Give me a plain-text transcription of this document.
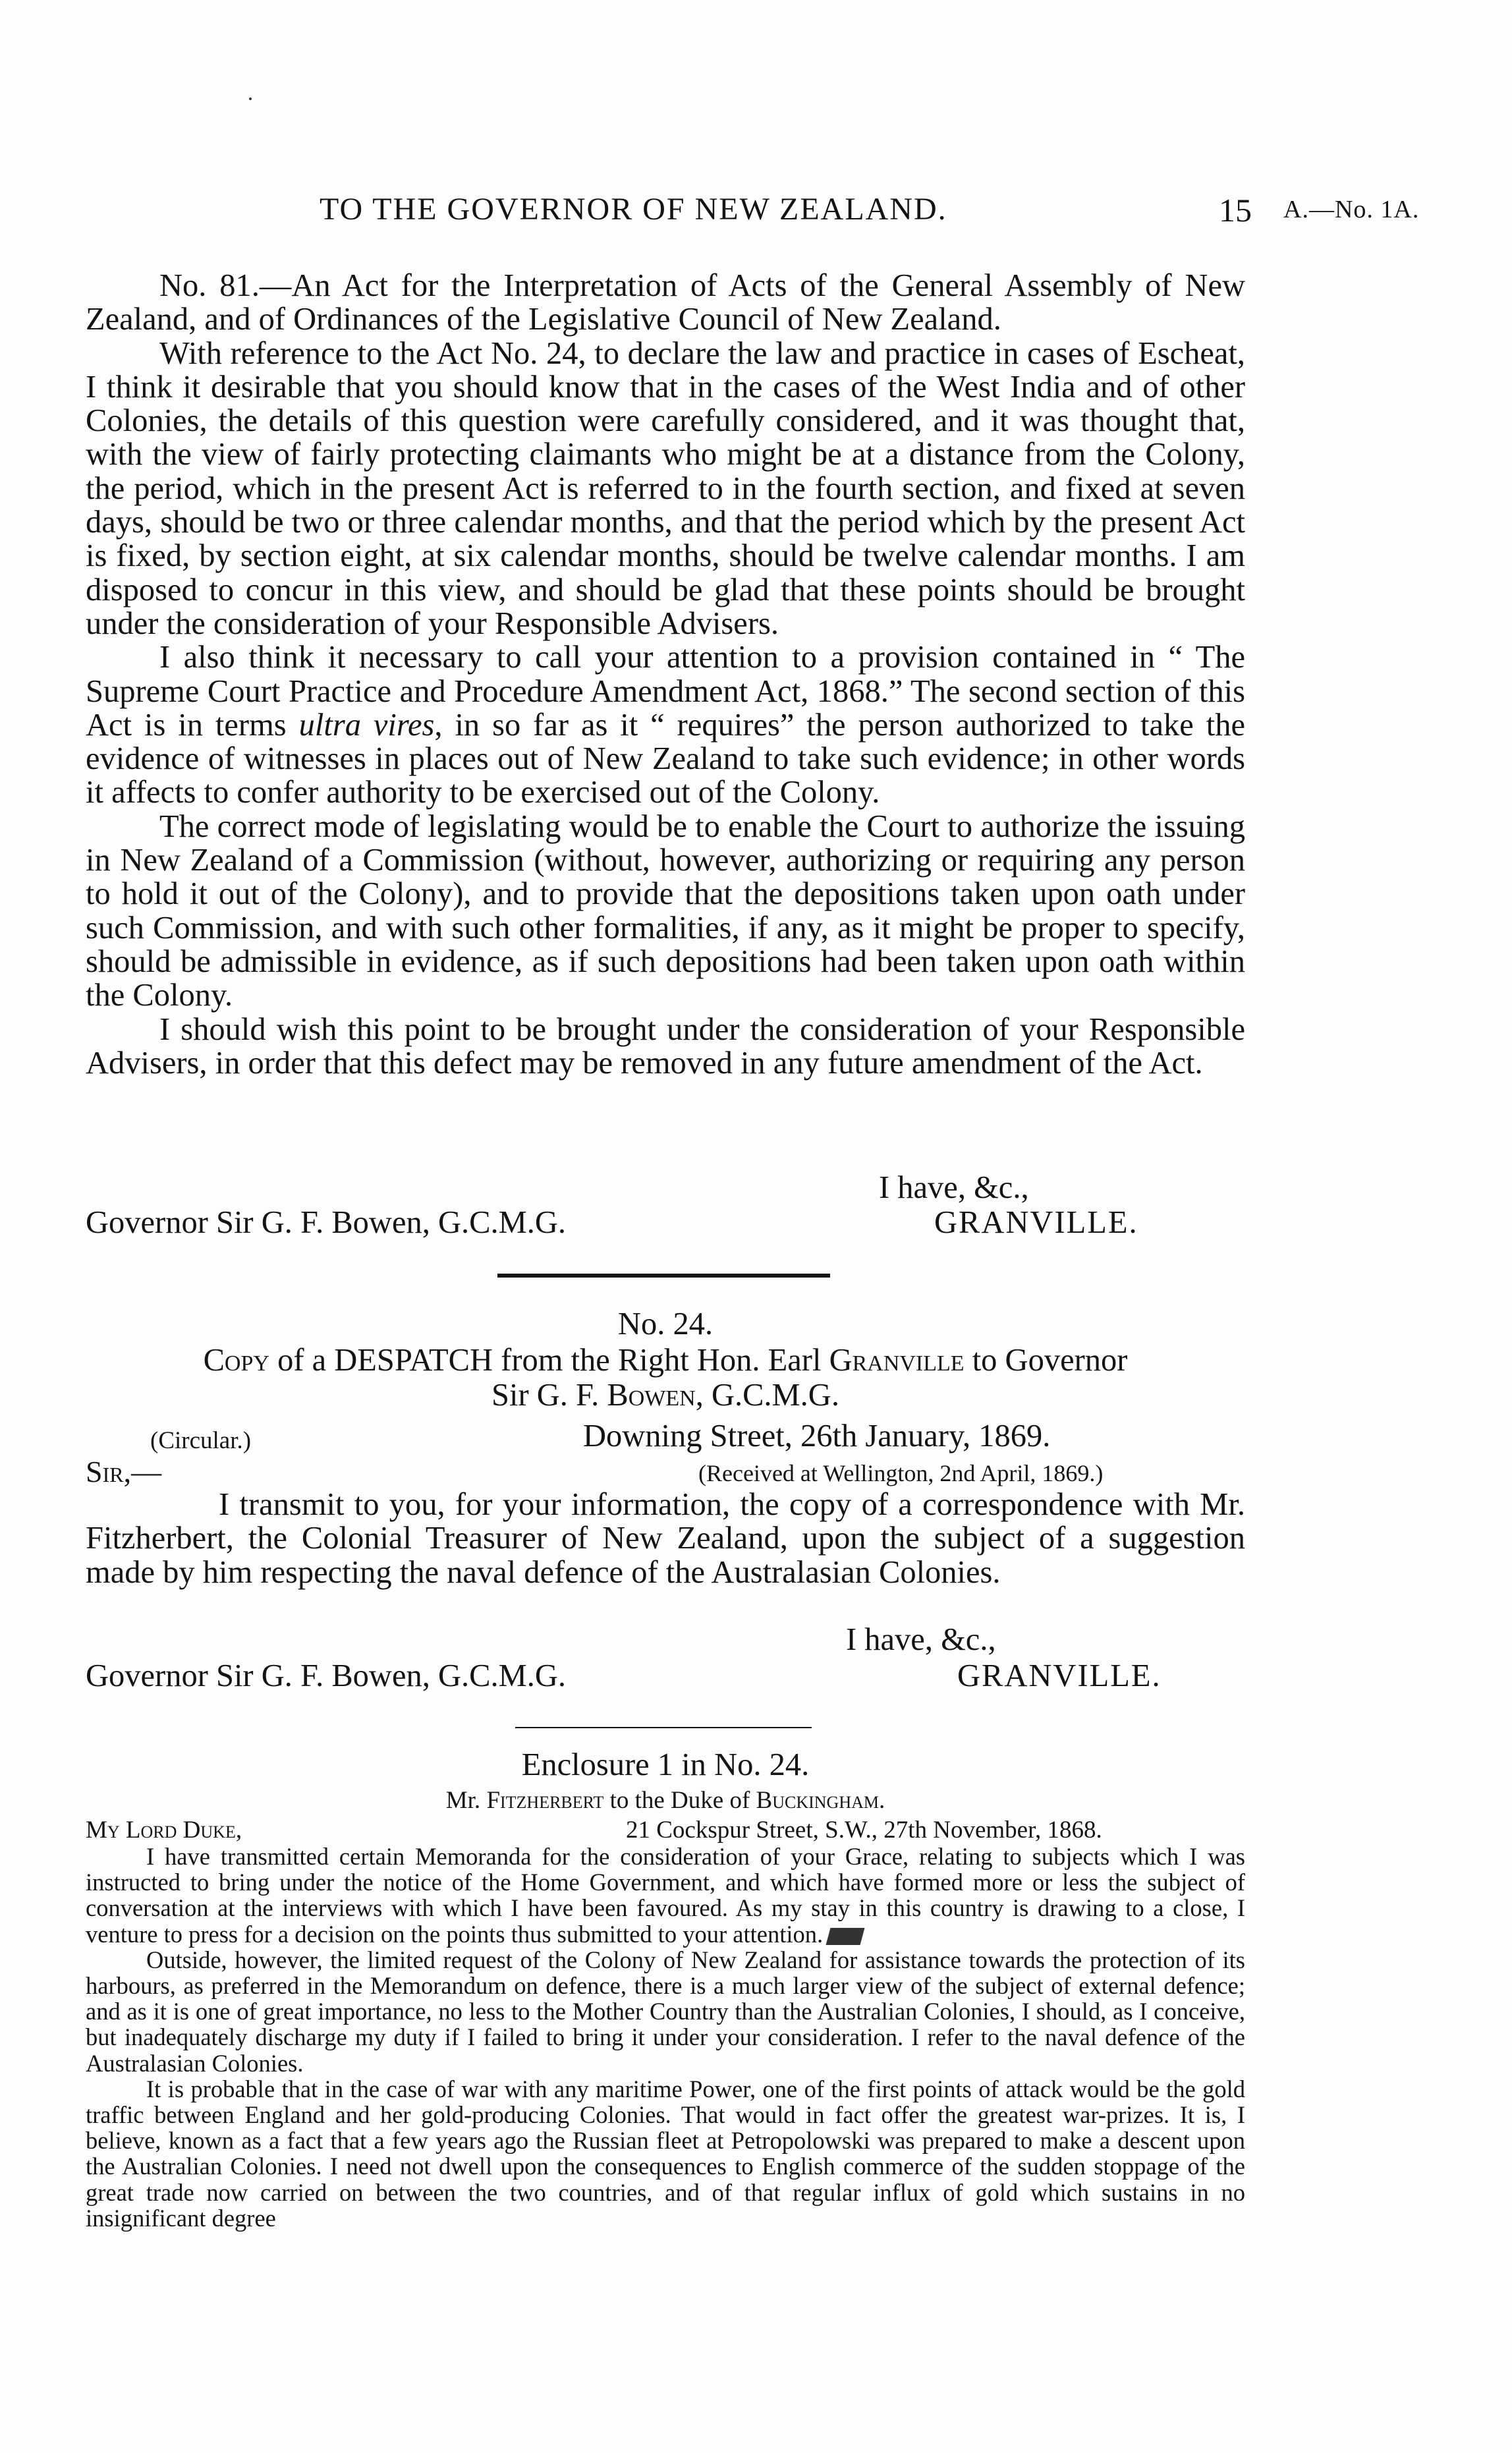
TO THE GOVERNOR OF NEW ZEALAND.	15 A.—No. 1A.

No. 81.—An Act for the Interpretation of Acts of the General Assembly of New Zealand, and of Ordinances of the Legislative Council of New Zealand.

With reference to the Act No. 24, to declare the law and practice in cases of Escheat, I think it desirable that you should know that in the cases of the West India and of other Colonies, the details of this question were carefully considered, and it was thought that, with the view of fairly protecting claimants who might be at a distance from the Colony, the period, which in the present Act is referred to in the fourth section, and fixed at seven days, should be two or three calendar months, and that the period which by the present Act is fixed, by section eight, at six calendar months, should be twelve calendar months. I am disposed to concur in this view, and should be glad that these points should be brought under the consideration of your Responsible Advisers.

I also think it necessary to call your attention to a provision contained in “ The Supreme Court Practice and Procedure Amendment Act, 1868.” The second section of this Act is in terms ultra vires, in so far as it “ requires” the person authorized to take the evidence of witnesses in places out of New Zealand to take such evidence; in other words it affects to confer authority to be exercised out of the Colony.

The correct mode of legislating would be to enable the Court to authorize the issuing in New Zealand of a Commission (without, however, authorizing or requiring any person to hold it out of the Colony), and to provide that the depositions taken upon oath under such Commission, and with such other formalities, if any, as it might be proper to specify, should be admissible in evidence, as if such depositions had been taken upon oath within the Colony.

I should wish this point to be brought under the consideration of your Responsible Advisers, in order that this defect may be removed in any future amendment of the Act.

I have, &c.,
Governor Sir G. F. Bowen, G.C.M.G.	GRANVILLE.
No. 24.
Copy of a DESPATCH from the Right Hon. Earl Granville to Governor
Sir G. F. Bowen, G.C.M.G.
(Circular.)	Downing Street, 26th January, 1869.
Sir,—	(Received at Wellington, 2nd April, 1869.)

I transmit to you, for your information, the copy of a correspondence with Mr. Fitzherbert, the Colonial Treasurer of New Zealand, upon the subject of a suggestion made by him respecting the naval defence of the Australasian Colonies.

I have, &c.,
Governor Sir G. F. Bowen, G.C.M.G.	GRANVILLE.
Enclosure 1 in No. 24.
Mr. Fitzherbert to the Duke of Buckingham.
My Lord Duke,	21 Cockspur Street, S.W., 27th November, 1868.

I have transmitted certain Memoranda for the consideration of your Grace, relating to subjects which I was instructed to bring under the notice of the Home Government, and which have formed more or less the subject of conversation at the interviews with which I have been favoured. As my stay in this country is drawing to a close, I venture to press for a decision on the points thus submitted to your attention.

Outside, however, the limited request of the Colony of New Zealand for assistance towards the protection of its harbours, as preferred in the Memorandum on defence, there is a much larger view of the subject of external defence; and as it is one of great importance, no less to the Mother Country than the Australian Colonies, I should, as I conceive, but inadequately discharge my duty if I failed to bring it under your consideration. I refer to the naval defence of the Australasian Colonies.

It is probable that in the case of war with any maritime Power, one of the first points of attack would be the gold traffic between England and her gold-producing Colonies. That would in fact offer the greatest war-prizes. It is, I believe, known as a fact that a few years ago the Russian fleet at Petropolowski was prepared to make a descent upon the Australian Colonies. I need not dwell upon the consequences to English commerce of the sudden stoppage of the great trade now carried on between the two countries, and of that regular influx of gold which sustains in no insignificant degree
